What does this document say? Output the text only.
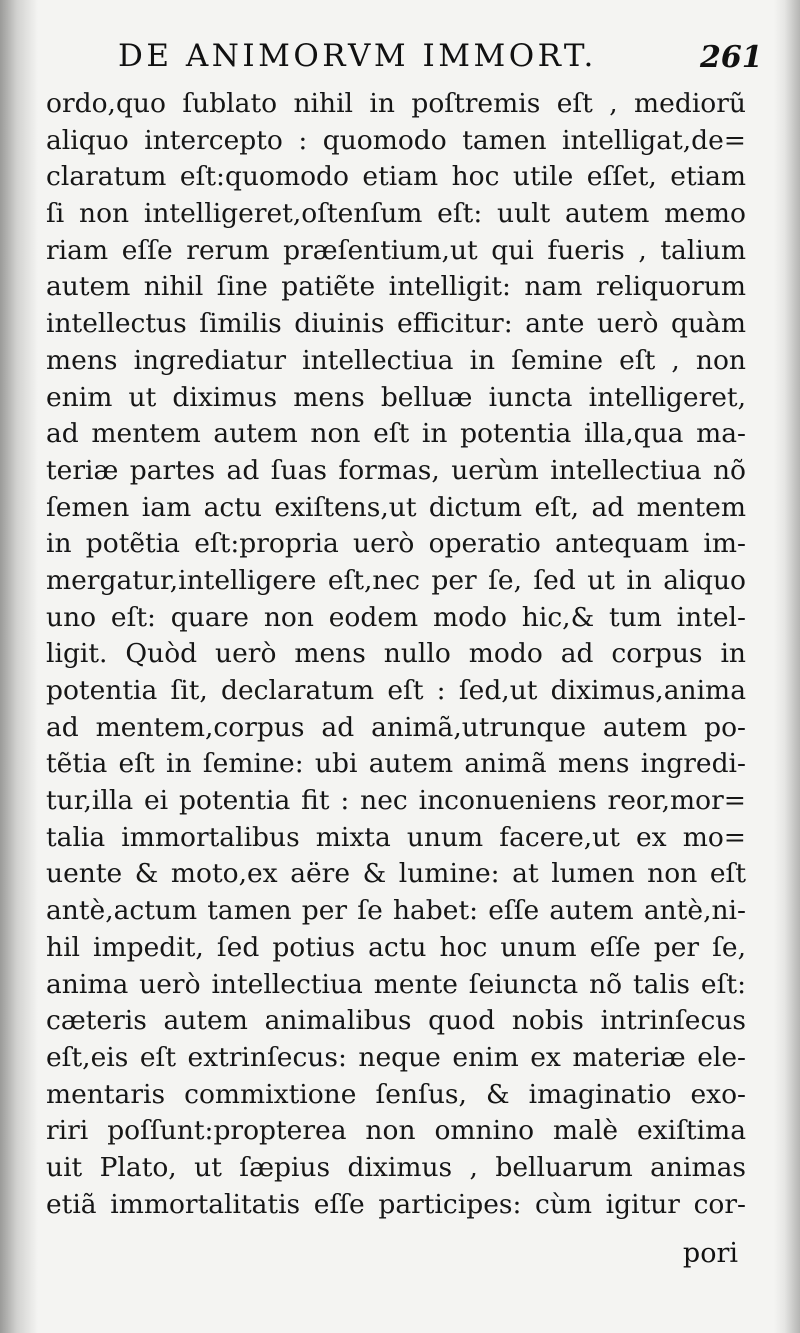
DE ANIMORVM IMMORT.	261
ordo,quo ſublato nihil in poſtremis eſt , mediorũ
aliquo intercepto : quomodo tamen intelligat,de=
claratum eſt:quomodo etiam hoc utile eſſet, etiam
ſi non intelligeret,oſtenſum eſt: uult autem memo
riam eſſe rerum præſentium,ut qui fueris , talium
autem nihil ſine patiẽte intelligit: nam reliquorum
intellectus ſimilis diuinis efficitur: ante uerò quàm
mens ingrediatur intellectiua in ſemine eſt , non
enim ut diximus mens belluæ iuncta intelligeret,
ad mentem autem non eſt in potentia illa,qua ma-
teriæ partes ad ſuas formas, uerùm intellectiua nõ
ſemen iam actu exiſtens,ut dictum eſt, ad mentem
in potẽtia eſt:propria uerò operatio antequam im-
mergatur,intelligere eſt,nec per ſe, ſed ut in aliquo
uno eſt: quare non eodem modo hic,& tum intel-
ligit. Quòd uerò mens nullo modo ad corpus in
potentia ſit, declaratum eſt : ſed,ut diximus,anima
ad mentem,corpus ad animã,utrunque autem po-
tẽtia eſt in ſemine: ubi autem animã mens ingredi-
tur,illa ei potentia fit : nec inconueniens reor,mor=
talia immortalibus mixta unum facere,ut ex mo=
uente & moto,ex aëre & lumine: at lumen non eſt
antè,actum tamen per ſe habet: eſſe autem antè,ni-
hil impedit, ſed potius actu hoc unum eſſe per ſe,
anima uerò intellectiua mente ſeiuncta nõ talis eſt:
cæteris autem animalibus quod nobis intrinſecus
eſt,eis eſt extrinſecus: neque enim ex materiæ ele-
mentaris commixtione ſenſus, & imaginatio exo-
riri poſſunt:propterea non omnino malè exiſtima
uit Plato, ut ſæpius diximus , belluarum animas
etiã immortalitatis eſſe participes: cùm igitur cor-
pori
